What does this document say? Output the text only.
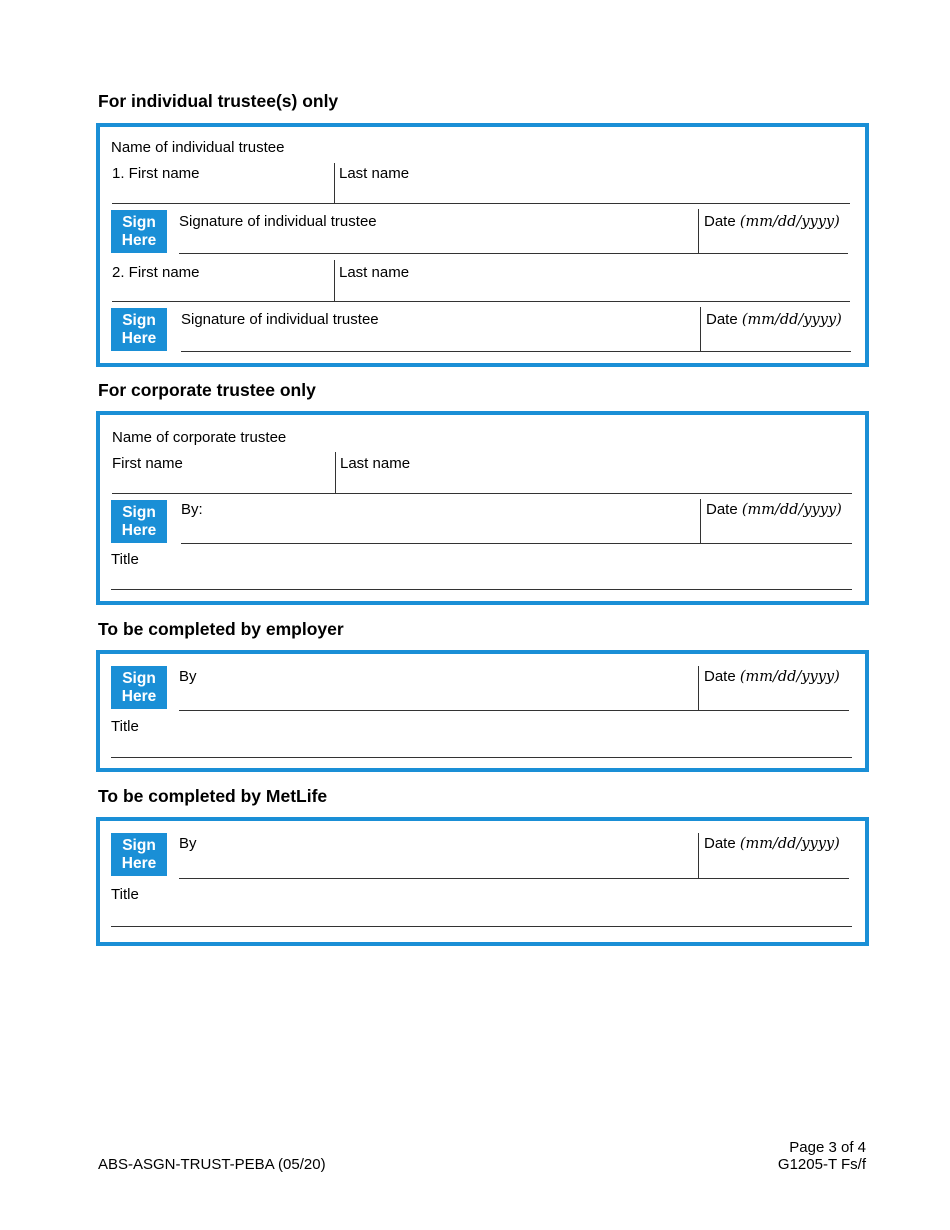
For individual trustee(s) only
Name of individual trustee
1. First name	Last name
Sign
Here
Signature of individual trustee	Date (mm/dd/yyyy)
2. First name	Last name
Sign
Here
Signature of individual trustee	Date (mm/dd/yyyy)
For corporate trustee only
Name of corporate trustee
First name	Last name
Sign
Here
By:	Date (mm/dd/yyyy)
Title
To be completed by employer
Sign
Here
By	Date (mm/dd/yyyy)
Title
To be completed by MetLife
Sign
Here
By	Date (mm/dd/yyyy)
Title
ABS-ASGN-TRUST-PEBA (05/20)
Page 3 of 4
G1205-T Fs/f
